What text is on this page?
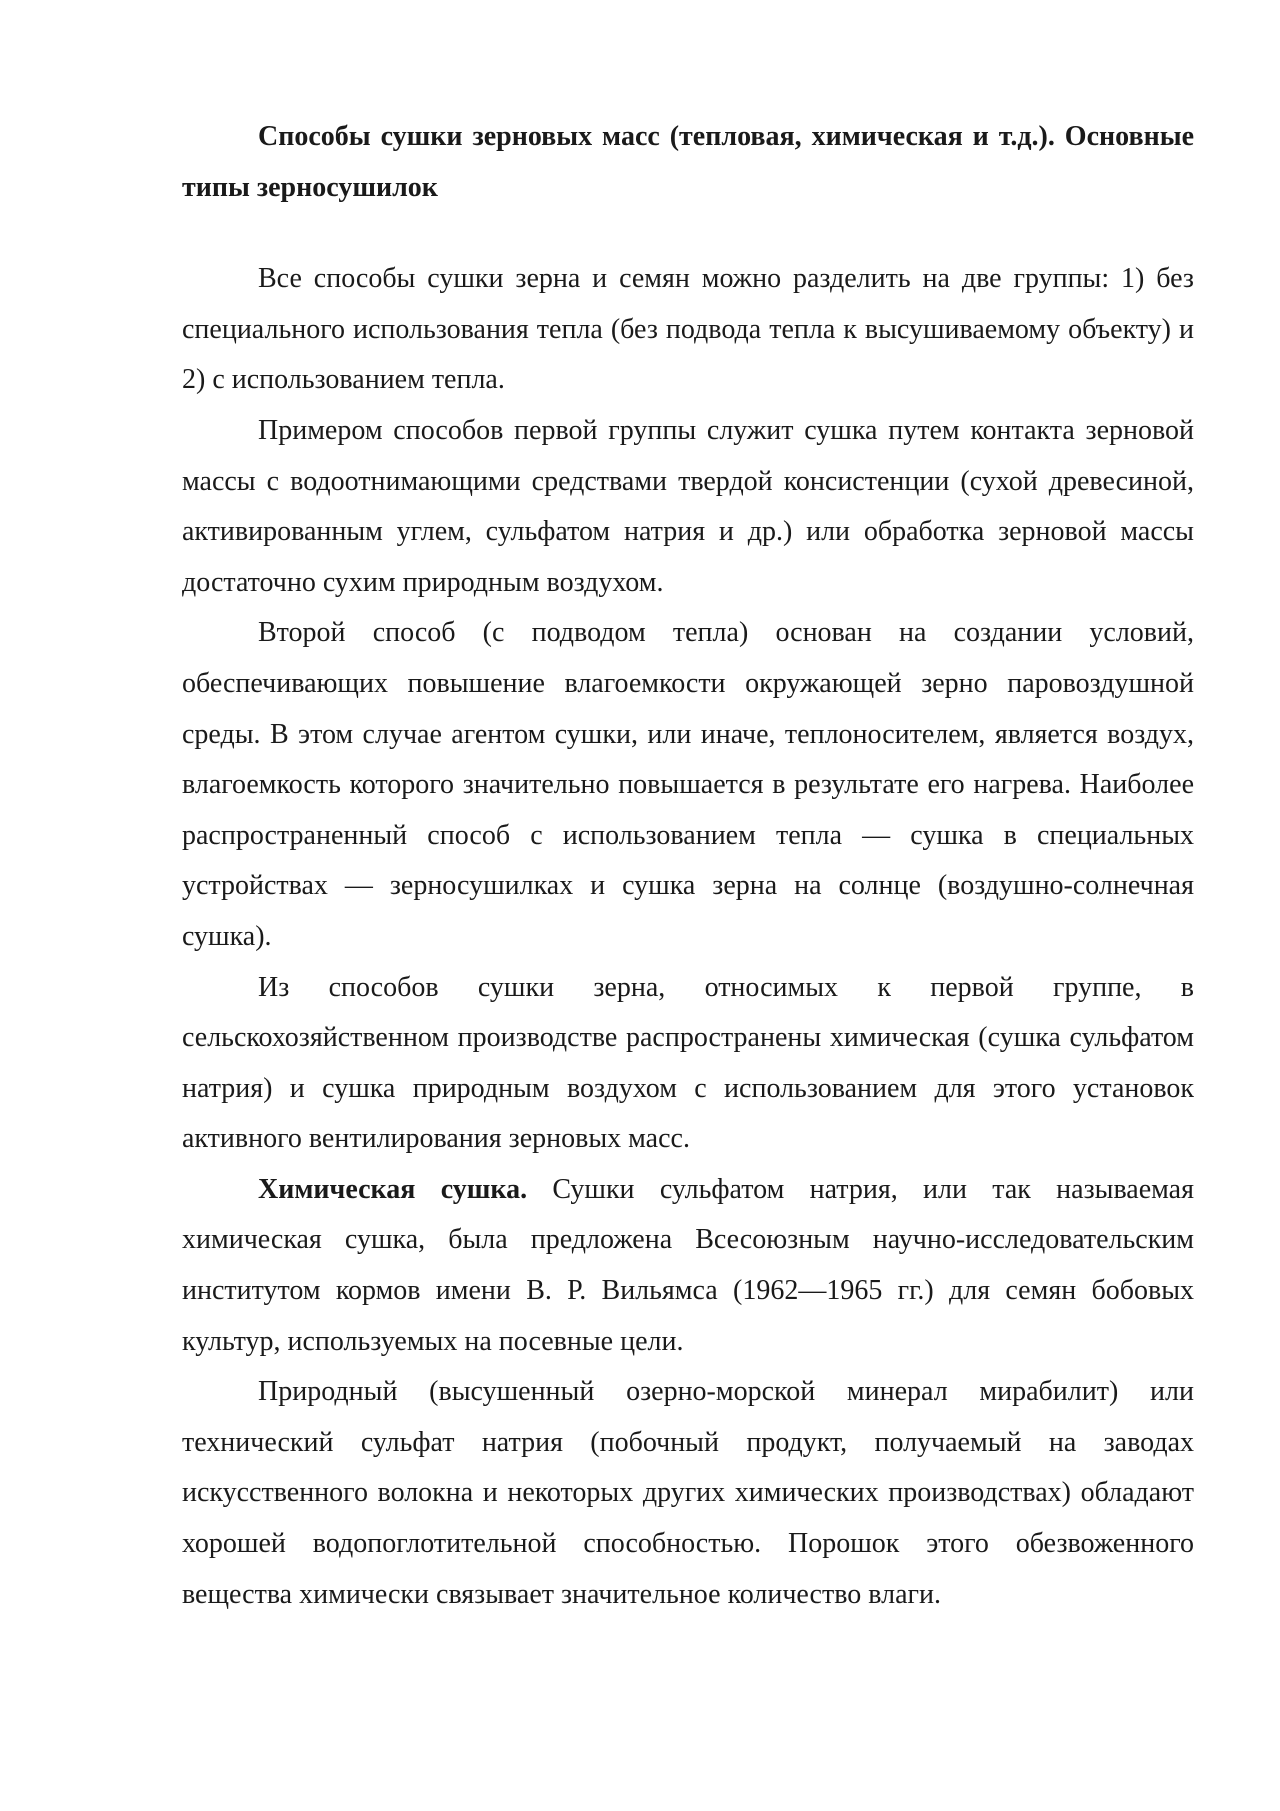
Способы сушки зерновых масс (тепловая, химическая и т.д.). Основные типы зерносушилок

Все способы сушки зерна и семян можно разделить на две группы: 1) без специального использования тепла (без подвода тепла к высушиваемому объекту) и 2) с использованием тепла.

Примером способов первой группы служит сушка путем контакта зерновой массы с водоотнимающими средствами твердой консистенции (сухой древесиной, активированным углем, сульфатом натрия и др.) или обработка зерновой массы достаточно сухим природным воздухом.

Второй способ (с подводом тепла) основан на создании условий, обеспечивающих повышение влагоемкости окружающей зерно паровоздушной среды. В этом случае агентом сушки, или иначе, теплоносителем, является воздух, влагоемкость которого значительно повышается в результате его нагрева. Наиболее распространенный способ с использованием тепла — сушка в специальных устройствах — зерносушилках и сушка зерна на солнце (воздушно-солнечная сушка).

Из способов сушки зерна, относимых к первой группе, в сельскохозяйственном производстве распространены химическая (сушка сульфатом натрия) и сушка природным воздухом с использованием для этого установок активного вентилирования зерновых масс.

Химическая сушка. Сушки сульфатом натрия, или так называемая химическая сушка, была предложена Всесоюзным научно-исследовательским институтом кормов имени В. Р. Вильямса (1962—1965 гг.) для семян бобовых культур, используемых на посевные цели.

Природный (высушенный озерно-морской минерал мирабилит) или технический сульфат натрия (побочный продукт, получаемый на заводах искусственного волокна и некоторых других химических производствах) обладают хорошей водопоглотительной способностью. Порошок этого обезвоженного вещества химически связывает значительное количество влаги.
